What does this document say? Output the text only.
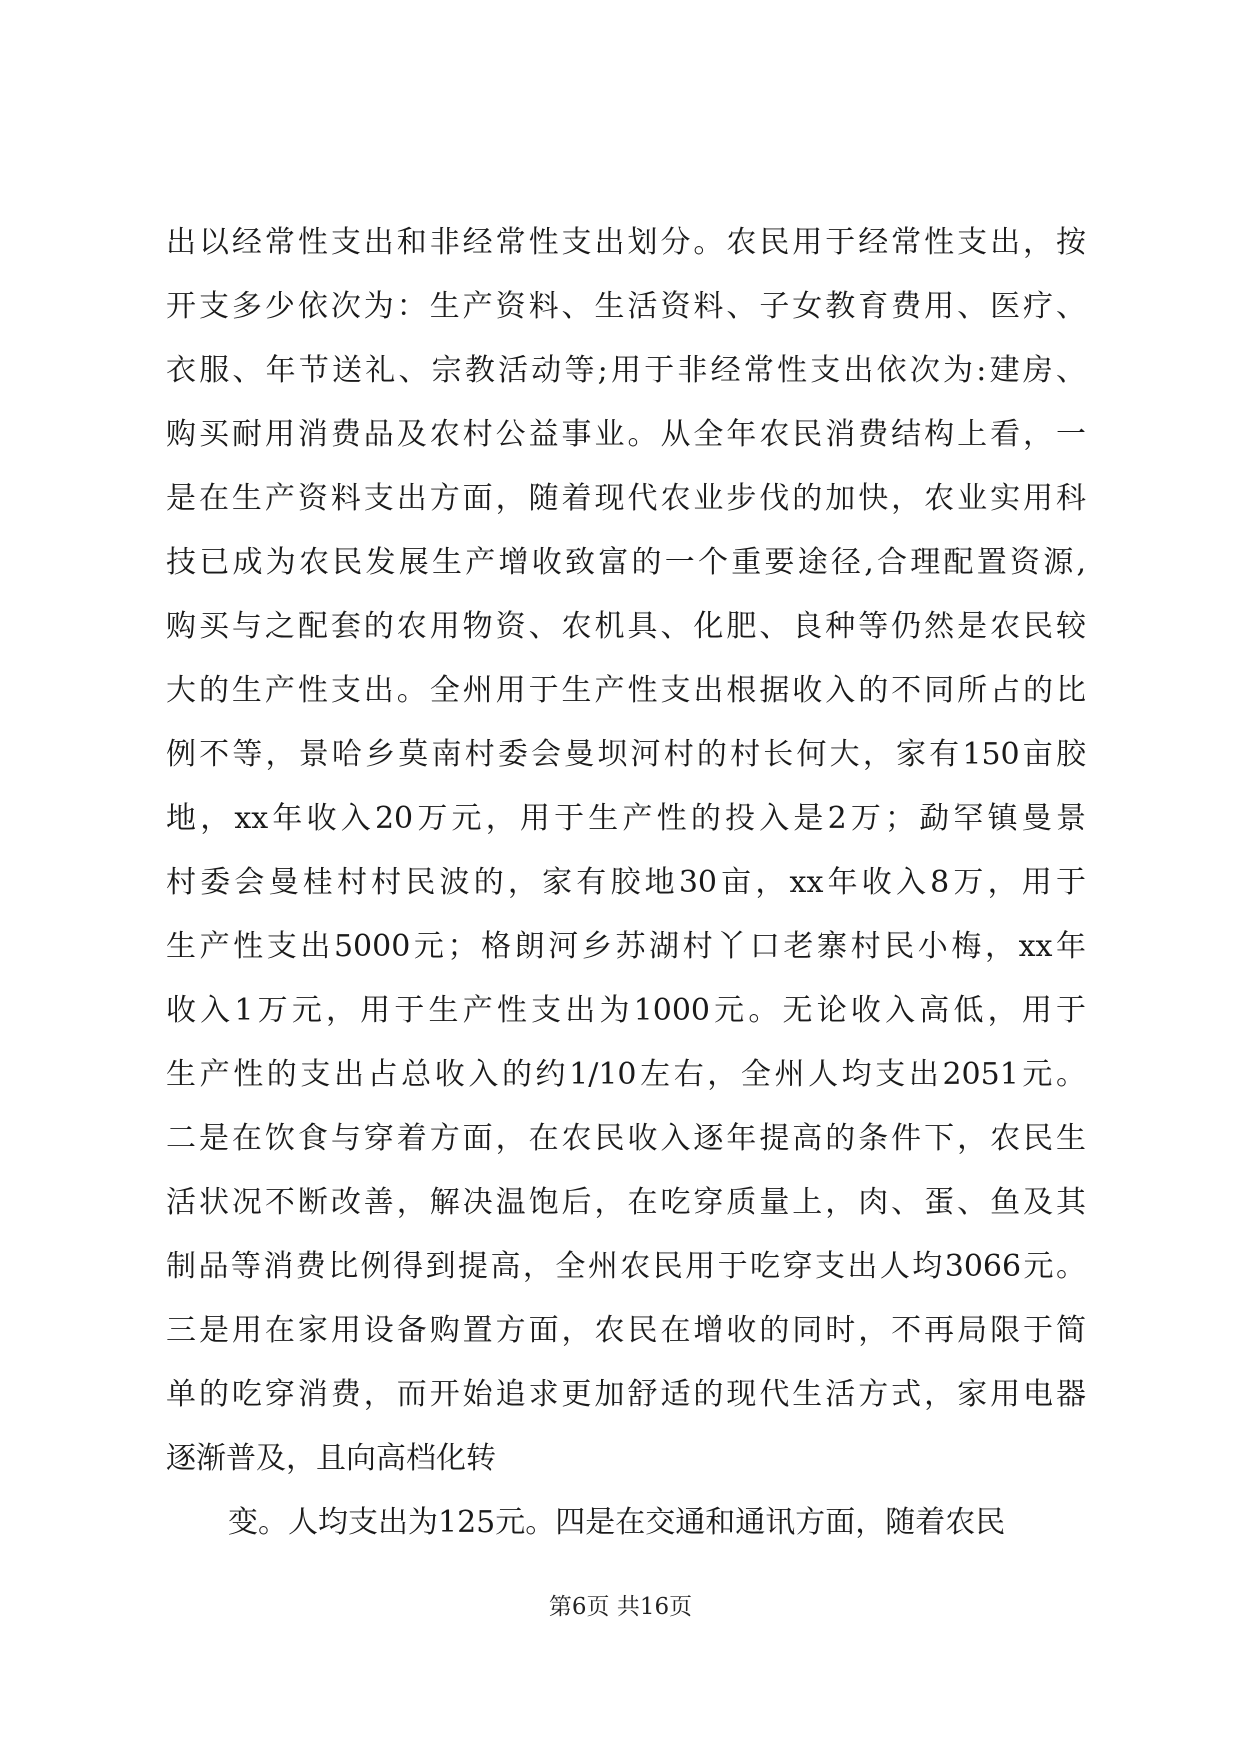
出以经常性支出和非经常性支出划分。农民用于经常性支出，按
开支多少依次为：生产资料、生活资料、子女教育费用、医疗、
衣服、年节送礼、宗教活动等;用于非经常性支出依次为:建房、
购买耐用消费品及农村公益事业。从全年农民消费结构上看，一
是在生产资料支出方面，随着现代农业步伐的加快，农业实用科
技已成为农民发展生产增收致富的一个重要途径,合理配置资源,
购买与之配套的农用物资、农机具、化肥、良种等仍然是农民较
大的生产性支出。全州用于生产性支出根据收入的不同所占的比
例不等，景哈乡莫南村委会曼坝河村的村长何大，家有150亩胶
地，xx年收入20万元，用于生产性的投入是2万；勐罕镇曼景
村委会曼桂村村民波的，家有胶地30亩，xx年收入8万，用于
生产性支出5000元；格朗河乡苏湖村丫口老寨村民小梅，xx年
收入1万元，用于生产性支出为1000元。无论收入高低，用于
生产性的支出占总收入的约1/10左右，全州人均支出2051元。
二是在饮食与穿着方面，在农民收入逐年提高的条件下，农民生
活状况不断改善，解决温饱后，在吃穿质量上，肉、蛋、鱼及其
制品等消费比例得到提高，全州农民用于吃穿支出人均3066元。
三是用在家用设备购置方面，农民在增收的同时，不再局限于简
单的吃穿消费，而开始追求更加舒适的现代生活方式，家用电器
逐渐普及，且向高档化转
变。人均支出为125元。四是在交通和通讯方面，随着农民
第6页 共16页
